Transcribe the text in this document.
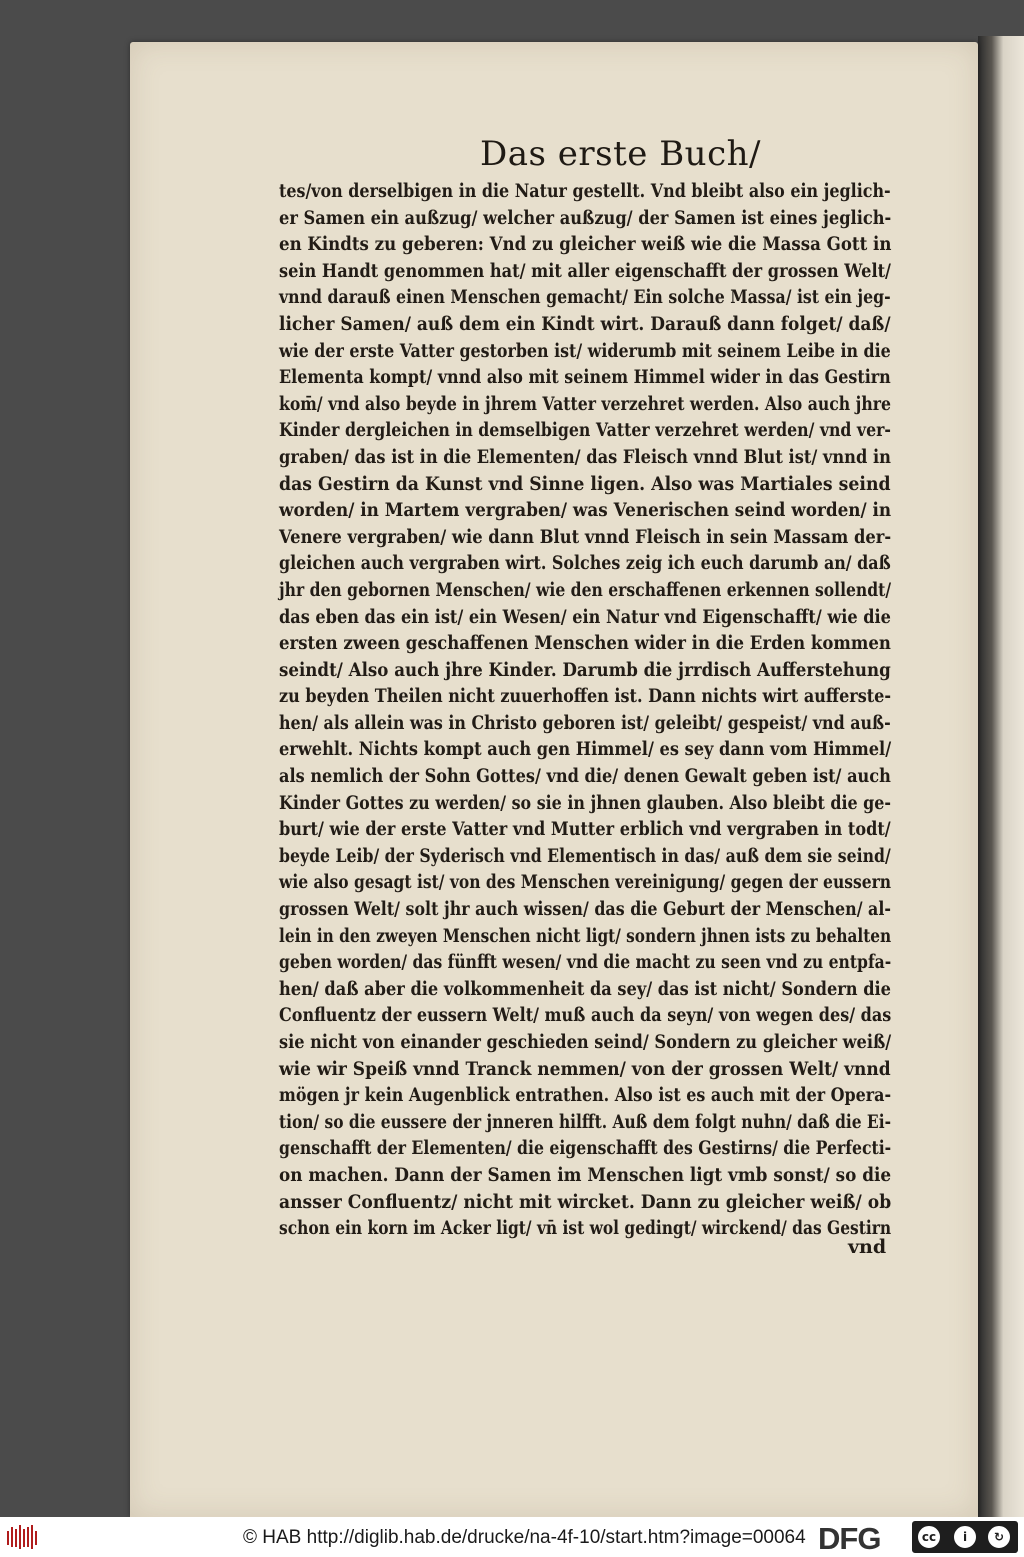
Das erste Buch/
tes/von derselbigen in die Natur gestellt. Vnd bleibt also ein jeglich-
er Samen ein außzug/ welcher außzug/ der Samen ist eines jeglich-
en Kindts zu geberen: Vnd zu gleicher weiß wie die Massa Gott in
sein Handt genommen hat/ mit aller eigenschafft der grossen Welt/
vnnd darauß einen Menschen gemacht/ Ein solche Massa/ ist ein jeg-
licher Samen/ auß dem ein Kindt wirt. Darauß dann folget/ daß/
wie der erste Vatter gestorben ist/ widerumb mit seinem Leibe in die
Elementa kompt/ vnnd also mit seinem Himmel wider in das Gestirn
kom̄/ vnd also beyde in jhrem Vatter verzehret werden. Also auch jhre
Kinder dergleichen in demselbigen Vatter verzehret werden/ vnd ver-
graben/ das ist in die Elementen/ das Fleisch vnnd Blut ist/ vnnd in
das Gestirn da Kunst vnd Sinne ligen. Also was Martiales seind
worden/ in Martem vergraben/ was Venerischen seind worden/ in
Venere vergraben/ wie dann Blut vnnd Fleisch in sein Massam der-
gleichen auch vergraben wirt. Solches zeig ich euch darumb an/ daß
jhr den gebornen Menschen/ wie den erschaffenen erkennen sollendt/
das eben das ein ist/ ein Wesen/ ein Natur vnd Eigenschafft/ wie die
ersten zween geschaffenen Menschen wider in die Erden kommen
seindt/ Also auch jhre Kinder. Darumb die jrrdisch Aufferstehung
zu beyden Theilen nicht zuuerhoffen ist. Dann nichts wirt aufferste-
hen/ als allein was in Christo geboren ist/ geleibt/ gespeist/ vnd auß-
erwehlt. Nichts kompt auch gen Himmel/ es sey dann vom Himmel/
als nemlich der Sohn Gottes/ vnd die/ denen Gewalt geben ist/ auch
Kinder Gottes zu werden/ so sie in jhnen glauben. Also bleibt die ge-
burt/ wie der erste Vatter vnd Mutter erblich vnd vergraben in todt/
beyde Leib/ der Syderisch vnd Elementisch in das/ auß dem sie seind/
wie also gesagt ist/ von des Menschen vereinigung/ gegen der eussern
grossen Welt/ solt jhr auch wissen/ das die Geburt der Menschen/ al-
lein in den zweyen Menschen nicht ligt/ sondern jhnen ists zu behalten
geben worden/ das fünfft wesen/ vnd die macht zu seen vnd zu entpfa-
hen/ daß aber die volkommenheit da sey/ das ist nicht/ Sondern die
Confluentz der eussern Welt/ muß auch da seyn/ von wegen des/ das
sie nicht von einander geschieden seind/ Sondern zu gleicher weiß/
wie wir Speiß vnnd Tranck nemmen/ von der grossen Welt/ vnnd
mögen jr kein Augenblick entrathen. Also ist es auch mit der Opera-
tion/ so die eussere der jnneren hilfft. Auß dem folgt nuhn/ daß die Ei-
genschafft der Elementen/ die eigenschafft des Gestirns/ die Perfecti-
on machen. Dann der Samen im Menschen ligt vmb sonst/ so die
ansser Confluentz/ nicht mit wircket. Dann zu gleicher weiß/ ob
schon ein korn im Acker ligt/ vn̄ ist wol gedingt/ wirckend/ das Gestirn
vnd
© HAB http://diglib.hab.de/drucke/na-4f-10/start.htm?image=00064 DFG	cc	i	↻
